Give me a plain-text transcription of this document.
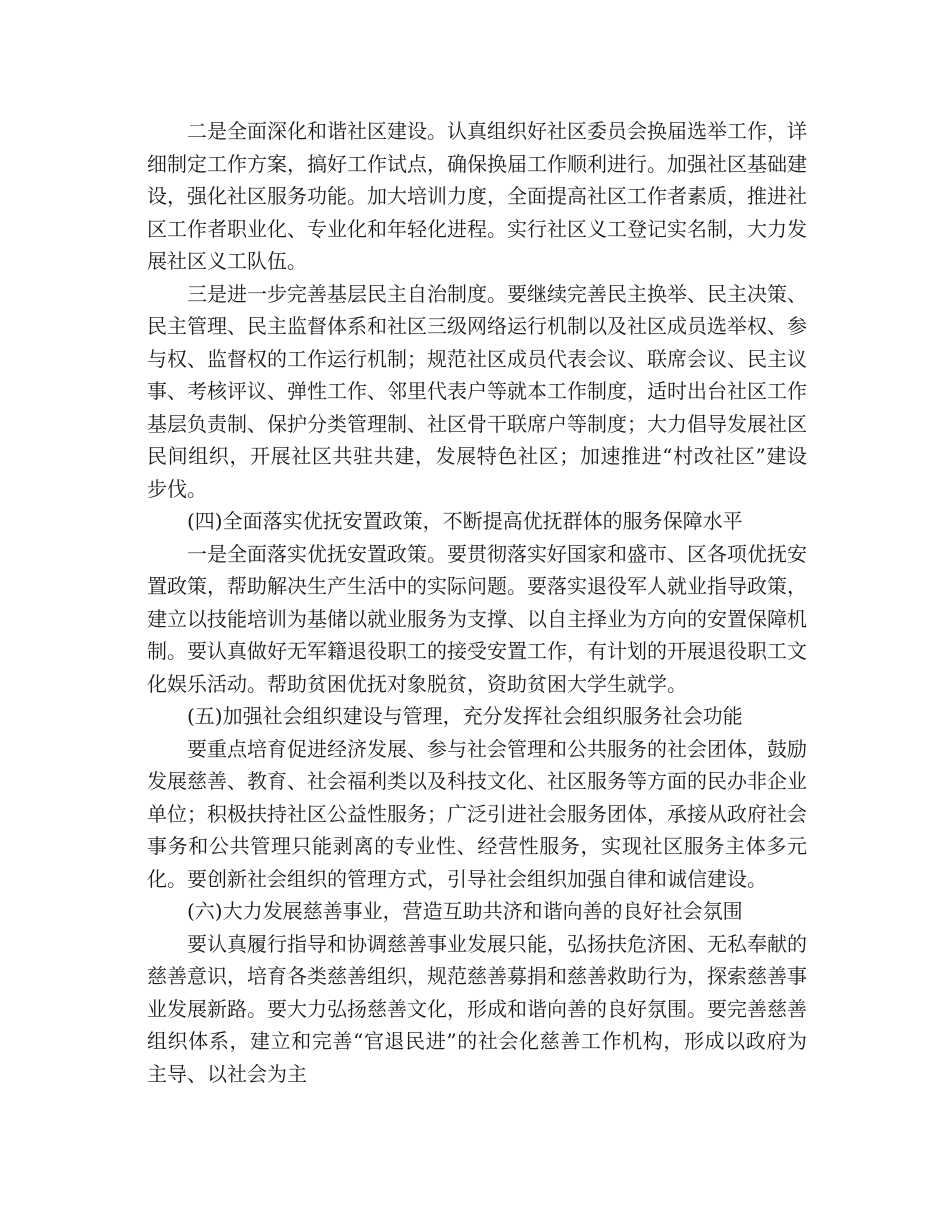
二是全面深化和谐社区建设。认真组织好社区委员会换届选举工作，详细制定工作方案，搞好工作试点，确保换届工作顺利进行。加强社区基础建设，强化社区服务功能。加大培训力度，全面提高社区工作者素质，推进社区工作者职业化、专业化和年轻化进程。实行社区义工登记实名制，大力发展社区义工队伍。

三是进一步完善基层民主自治制度。要继续完善民主换举、民主决策、民主管理、民主监督体系和社区三级网络运行机制以及社区成员选举权、参与权、监督权的工作运行机制；规范社区成员代表会议、联席会议、民主议事、考核评议、弹性工作、邻里代表户等就本工作制度，适时出台社区工作基层负责制、保护分类管理制、社区骨干联席户等制度；大力倡导发展社区民间组织，开展社区共驻共建，发展特色社区；加速推进“村改社区”建设步伐。

(四)全面落实优抚安置政策，不断提高优抚群体的服务保障水平

一是全面落实优抚安置政策。要贯彻落实好国家和盛市、区各项优抚安置政策，帮助解决生产生活中的实际问题。要落实退役军人就业指导政策，建立以技能培训为基储以就业服务为支撑、以自主择业为方向的安置保障机制。要认真做好无军籍退役职工的接受安置工作，有计划的开展退役职工文化娱乐活动。帮助贫困优抚对象脱贫，资助贫困大学生就学。

(五)加强社会组织建设与管理，充分发挥社会组织服务社会功能

要重点培育促进经济发展、参与社会管理和公共服务的社会团体，鼓励发展慈善、教育、社会福利类以及科技文化、社区服务等方面的民办非企业单位；积极扶持社区公益性服务；广泛引进社会服务团体，承接从政府社会事务和公共管理只能剥离的专业性、经营性服务，实现社区服务主体多元化。要创新社会组织的管理方式，引导社会组织加强自律和诚信建设。

(六)大力发展慈善事业，营造互助共济和谐向善的良好社会氛围

要认真履行指导和协调慈善事业发展只能，弘扬扶危济困、无私奉献的慈善意识，培育各类慈善组织，规范慈善募捐和慈善救助行为，探索慈善事业发展新路。要大力弘扬慈善文化，形成和谐向善的良好氛围。要完善慈善组织体系，建立和完善“官退民进”的社会化慈善工作机构，形成以政府为主导、以社会为主
